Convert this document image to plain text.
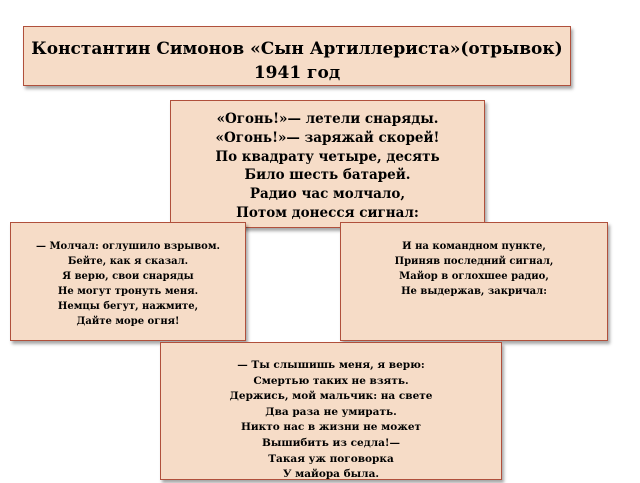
Константин Симонов «Сын Артиллериста»(отрывок)
1941 год
«Огонь!»— летели снаряды.
«Огонь!»— заряжай скорей!
По квадрату четыре, десять
Било шесть батарей.
Радио час молчало,
Потом донесся сигнал:
— Молчал: оглушило взрывом.
Бейте, как я сказал.
Я верю, свои снаряды
Не могут тронуть меня.
Немцы бегут, нажмите,
Дайте море огня!
И на командном пункте,
Приняв последний сигнал,
Майор в оглохшее радио,
Не выдержав, закричал:
— Ты слышишь меня, я верю:
Смертью таких не взять.
Держись, мой мальчик: на свете
Два раза не умирать.
Никто нас в жизни не может
Вышибить из седла!—
Такая уж поговорка
У майора была.
